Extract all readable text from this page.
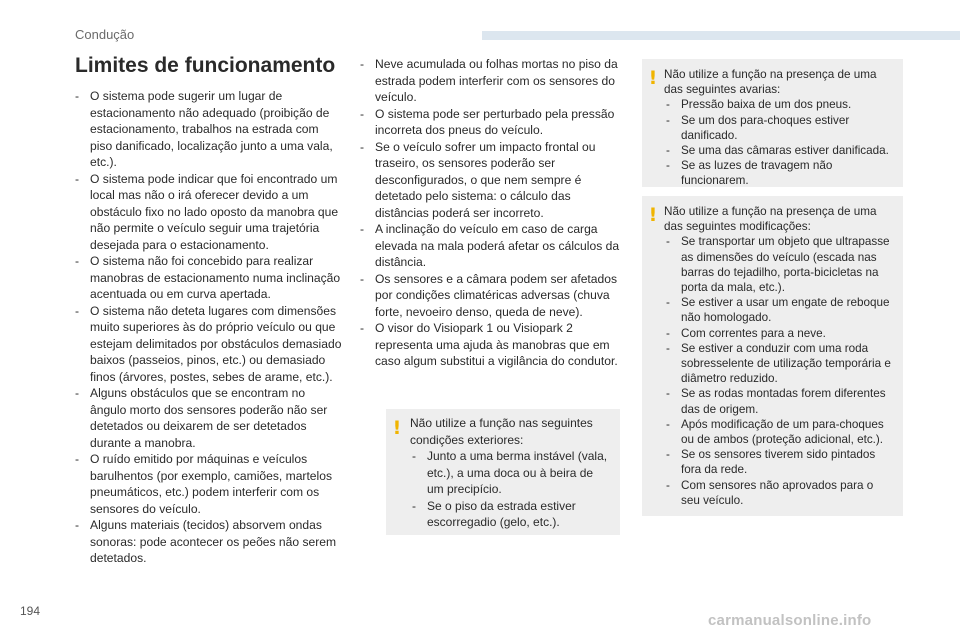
Condução
Limites de funcionamento
- O sistema pode sugerir um lugar de estacionamento não adequado (proibição de estacionamento, trabalhos na estrada com piso danificado, localização junto a uma vala, etc.).
- O sistema pode indicar que foi encontrado um local mas não o irá oferecer devido a um obstáculo fixo no lado oposto da manobra que não permite o veículo seguir uma trajetória desejada para o estacionamento.
- O sistema não foi concebido para realizar manobras de estacionamento numa inclinação acentuada ou em curva apertada.
- O sistema não deteta lugares com dimensões muito superiores às do próprio veículo ou que estejam delimitados por obstáculos demasiado baixos (passeios, pinos, etc.) ou demasiado finos (árvores, postes, sebes de arame, etc.).
- Alguns obstáculos que se encontram no ângulo morto dos sensores poderão não ser detetados ou deixarem de ser detetados durante a manobra.
- O ruído emitido por máquinas e veículos barulhentos (por exemplo, camiões, martelos pneumáticos, etc.) podem interferir com os sensores do veículo.
- Alguns materiais (tecidos) absorvem ondas sonoras: pode acontecer os peões não serem detetados.
- Neve acumulada ou folhas mortas no piso da estrada podem interferir com os sensores do veículo.
- O sistema pode ser perturbado pela pressão incorreta dos pneus do veículo.
- Se o veículo sofrer um impacto frontal ou traseiro, os sensores poderão ser desconfigurados, o que nem sempre é detetado pelo sistema: o cálculo das distâncias poderá ser incorreto.
- A inclinação do veículo em caso de carga elevada na mala poderá afetar os cálculos da distância.
- Os sensores e a câmara podem ser afetados por condições climatéricas adversas (chuva forte, nevoeiro denso, queda de neve).
- O visor do Visiopark 1 ou Visiopark 2 representa uma ajuda às manobras que em caso algum substitui a vigilância do condutor.
! Não utilize a função nas seguintes condições exteriores:
- Junto a uma berma instável (vala, etc.), a uma doca ou à beira de um precipício.
- Se o piso da estrada estiver escorregadio (gelo, etc.).
! Não utilize a função na presença de uma das seguintes avarias:
- Pressão baixa de um dos pneus.
- Se um dos para-choques estiver danificado.
- Se uma das câmaras estiver danificada.
- Se as luzes de travagem não funcionarem.
! Não utilize a função na presença de uma das seguintes modificações:
- Se transportar um objeto que ultrapasse as dimensões do veículo (escada nas barras do tejadilho, porta-bicicletas na porta da mala, etc.).
- Se estiver a usar um engate de reboque não homologado.
- Com correntes para a neve.
- Se estiver a conduzir com uma roda sobresselente de utilização temporária e diâmetro reduzido.
- Se as rodas montadas forem diferentes das de origem.
- Após modificação de um para-choques ou de ambos (proteção adicional, etc.).
- Se os sensores tiverem sido pintados fora da rede.
- Com sensores não aprovados para o seu veículo.
194
carmanualsonline.info
